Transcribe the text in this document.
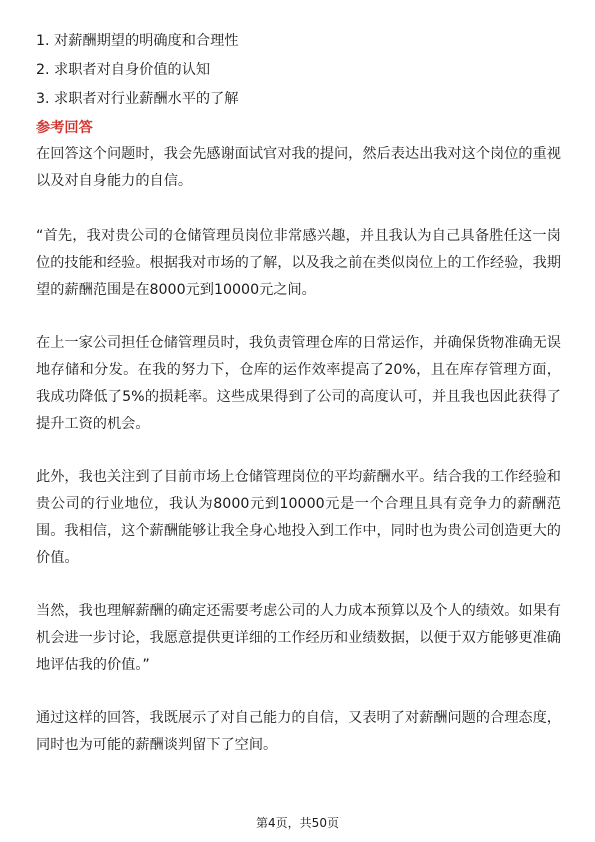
1. 对薪酬期望的明确度和合理性
2. 求职者对自身价值的认知
3. 求职者对行业薪酬水平的了解
参考回答

在回答这个问题时，我会先感谢面试官对我的提问，然后表达出我对这个岗位的重视以及对自身能力的自信。

“首先，我对贵公司的仓储管理员岗位非常感兴趣，并且我认为自己具备胜任这一岗位的技能和经验。根据我对市场的了解，以及我之前在类似岗位上的工作经验，我期望的薪酬范围是在8000元到10000元之间。

在上一家公司担任仓储管理员时，我负责管理仓库的日常运作，并确保货物准确无误地存储和分发。在我的努力下，仓库的运作效率提高了20%，且在库存管理方面，我成功降低了5%的损耗率。这些成果得到了公司的高度认可，并且我也因此获得了提升工资的机会。

此外，我也关注到了目前市场上仓储管理岗位的平均薪酬水平。结合我的工作经验和贵公司的行业地位，我认为8000元到10000元是一个合理且具有竞争力的薪酬范围。我相信，这个薪酬能够让我全身心地投入到工作中，同时也为贵公司创造更大的价值。

当然，我也理解薪酬的确定还需要考虑公司的人力成本预算以及个人的绩效。如果有机会进一步讨论，我愿意提供更详细的工作经历和业绩数据，以便于双方能够更准确地评估我的价值。”

通过这样的回答，我既展示了对自己能力的自信，又表明了对薪酬问题的合理态度，同时也为可能的薪酬谈判留下了空间。

第4页，共50页
